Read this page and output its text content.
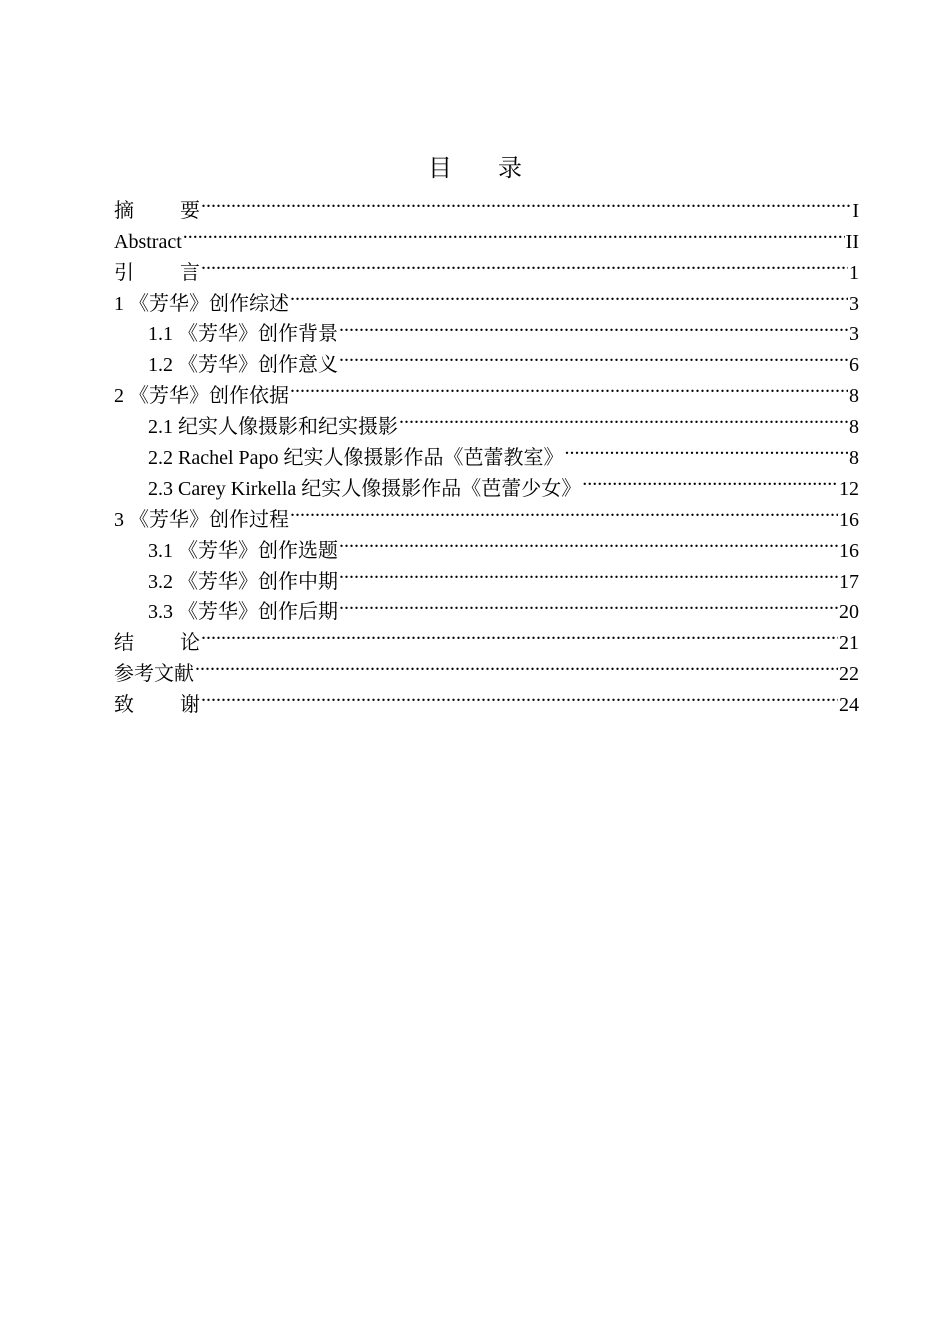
目 录
摘 要 .....	I
Abstract .....	II
引 言 .....	1
1 《芳华》创作综述 .....	3
1.1 《芳华》创作背景 .....	3
1.2 《芳华》创作意义 .....	6
2 《芳华》创作依据 .....	8
2.1 纪实人像摄影和纪实摄影 .....	8
2.2 Rachel Papo 纪实人像摄影作品《芭蕾教室》 .....	8
2.3 Carey Kirkella 纪实人像摄影作品《芭蕾少女》 .....	12
3 《芳华》创作过程 .....	16
3.1 《芳华》创作选题 .....	16
3.2 《芳华》创作中期 .....	17
3.3 《芳华》创作后期 .....	20
结 论 .....	21
参考文献 .....	22
致 谢 .....	24
